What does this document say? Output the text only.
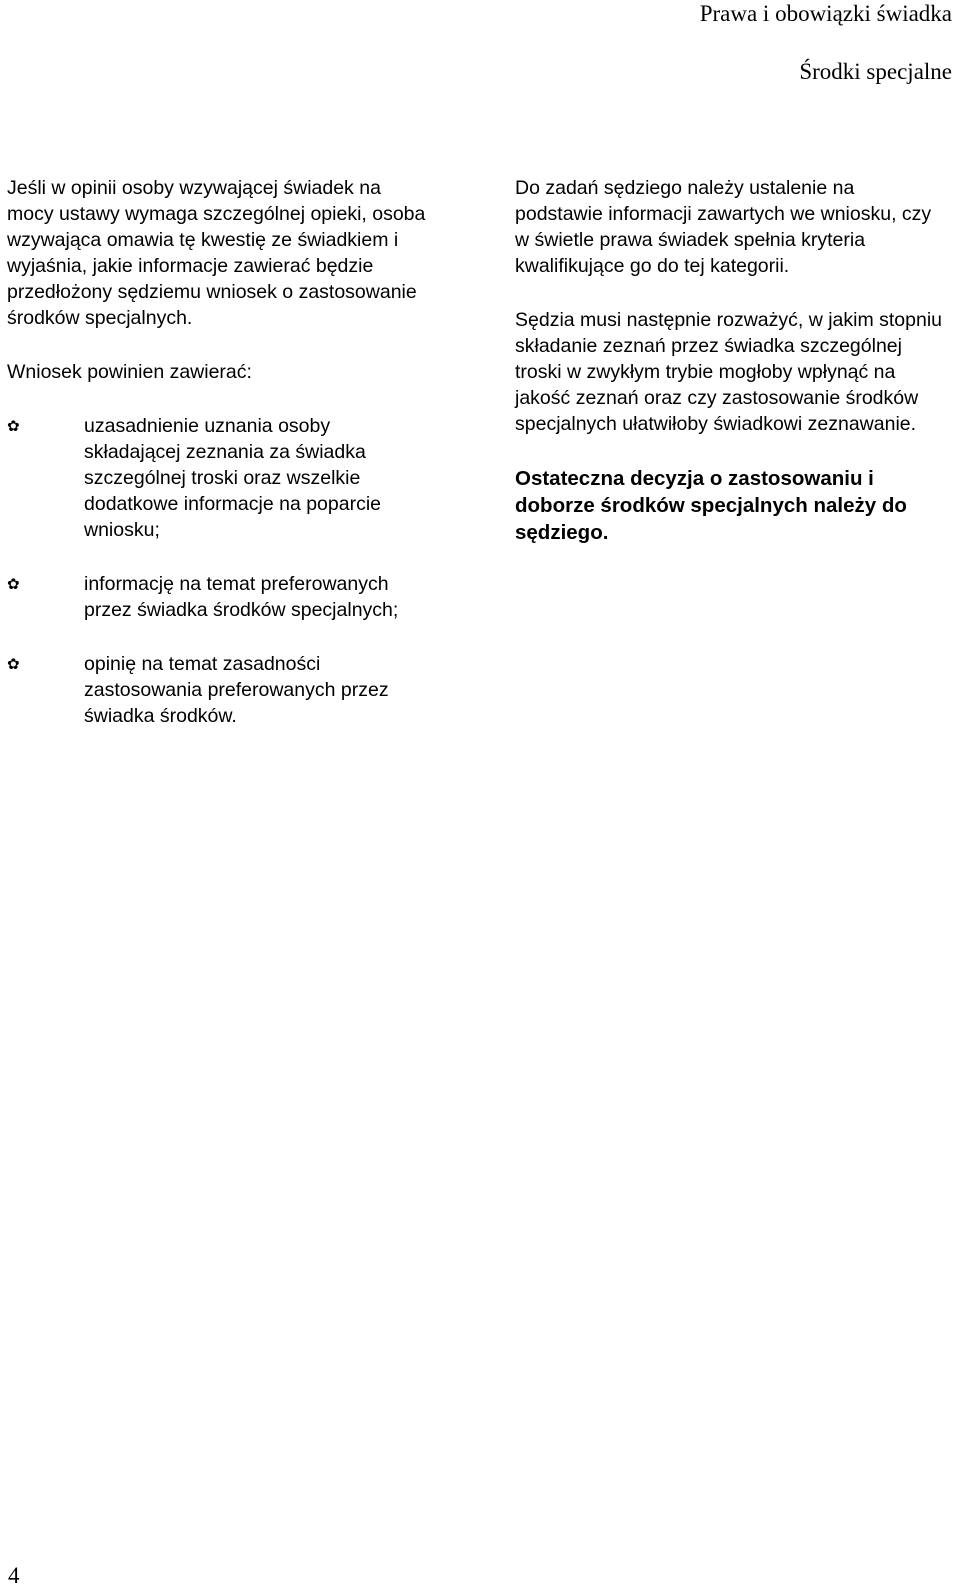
Prawa i obowiązki świadka
Środki specjalne

Jeśli w opinii osoby wzywającej świadek na mocy ustawy wymaga szczególnej opieki, osoba wzywająca omawia tę kwestię ze świadkiem i wyjaśnia, jakie informacje zawierać będzie przedłożony sędziemu wniosek o zastosowanie środków specjalnych.

Wniosek powinien zawierać:

✿	uzasadnienie uznania osoby składającej zeznania za świadka szczególnej troski oraz wszelkie dodatkowe informacje na poparcie wniosku;
✿	informację na temat preferowanych przez świadka środków specjalnych;
✿	opinię na temat zasadności zastosowania preferowanych przez świadka środków.

Do zadań sędziego należy ustalenie na podstawie informacji zawartych we wniosku, czy w świetle prawa świadek spełnia kryteria kwalifikujące go do tej kategorii.

Sędzia musi następnie rozważyć, w jakim stopniu składanie zeznań przez świadka szczególnej troski w zwykłym trybie mogłoby wpłynąć na jakość zeznań oraz czy zastosowanie środków specjalnych ułatwiłoby świadkowi zeznawanie.

Ostateczna decyzja o zastosowaniu i doborze środków specjalnych należy do sędziego.

4
